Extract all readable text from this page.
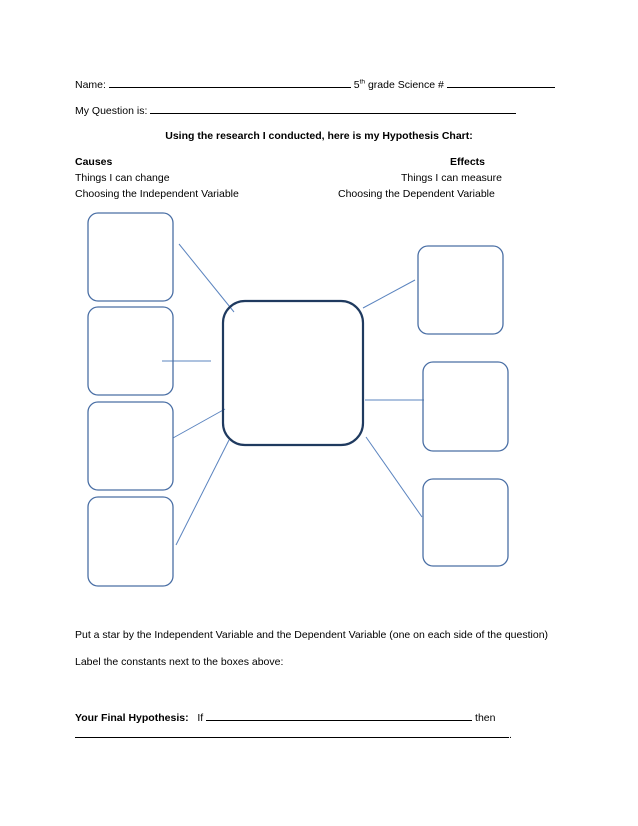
Name:	5th grade Science #
My Question is:
Using the research I conducted, here is my Hypothesis Chart:
Causes
Things I can change
Choosing the Independent Variable
Effects
Things I can measure
Choosing the Dependent Variable
Put a star by the Independent Variable and the Dependent Variable (one on each side of the question)
Label the constants next to the boxes above:
Your Final Hypothesis: If	then
.
